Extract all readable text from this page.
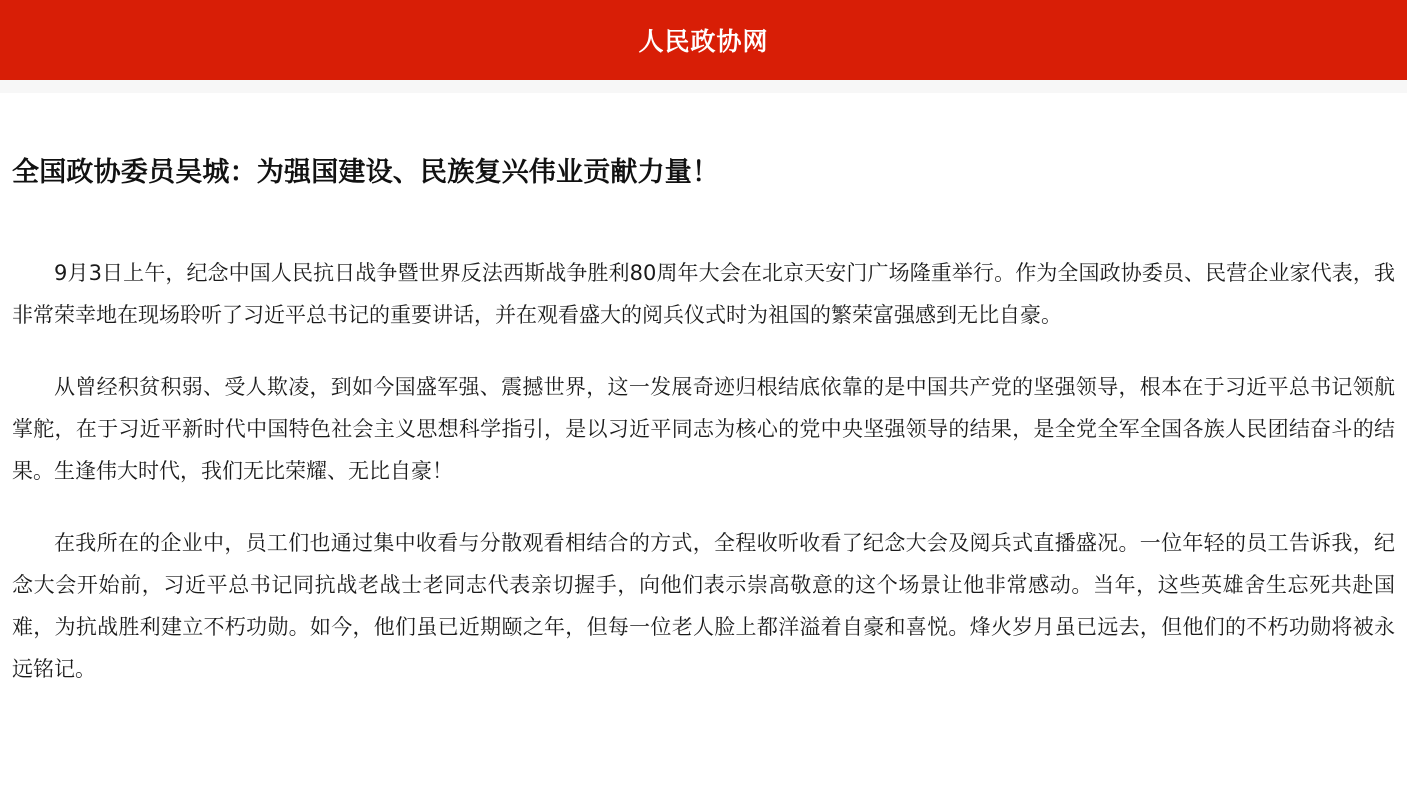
人民政协网
全国政协委员吴城：为强国建设、民族复兴伟业贡献力量！

9月3日上午，纪念中国人民抗日战争暨世界反法西斯战争胜利80周年大会在北京天安门广场隆重举行。作为全国政协委员、民营企业家代表，我非常荣幸地在现场聆听了习近平总书记的重要讲话，并在观看盛大的阅兵仪式时为祖国的繁荣富强感到无比自豪。

从曾经积贫积弱、受人欺凌，到如今国盛军强、震撼世界，这一发展奇迹归根结底依靠的是中国共产党的坚强领导，根本在于习近平总书记领航掌舵，在于习近平新时代中国特色社会主义思想科学指引，是以习近平同志为核心的党中央坚强领导的结果，是全党全军全国各族人民团结奋斗的结果。生逢伟大时代，我们无比荣耀、无比自豪！

在我所在的企业中，员工们也通过集中收看与分散观看相结合的方式，全程收听收看了纪念大会及阅兵式直播盛况。一位年轻的员工告诉我，纪念大会开始前，习近平总书记同抗战老战士老同志代表亲切握手，向他们表示崇高敬意的这个场景让他非常感动。当年，这些英雄舍生忘死共赴国难，为抗战胜利建立不朽功勋。如今，他们虽已近期颐之年，但每一位老人脸上都洋溢着自豪和喜悦。烽火岁月虽已远去，但他们的不朽功勋将被永远铭记。
